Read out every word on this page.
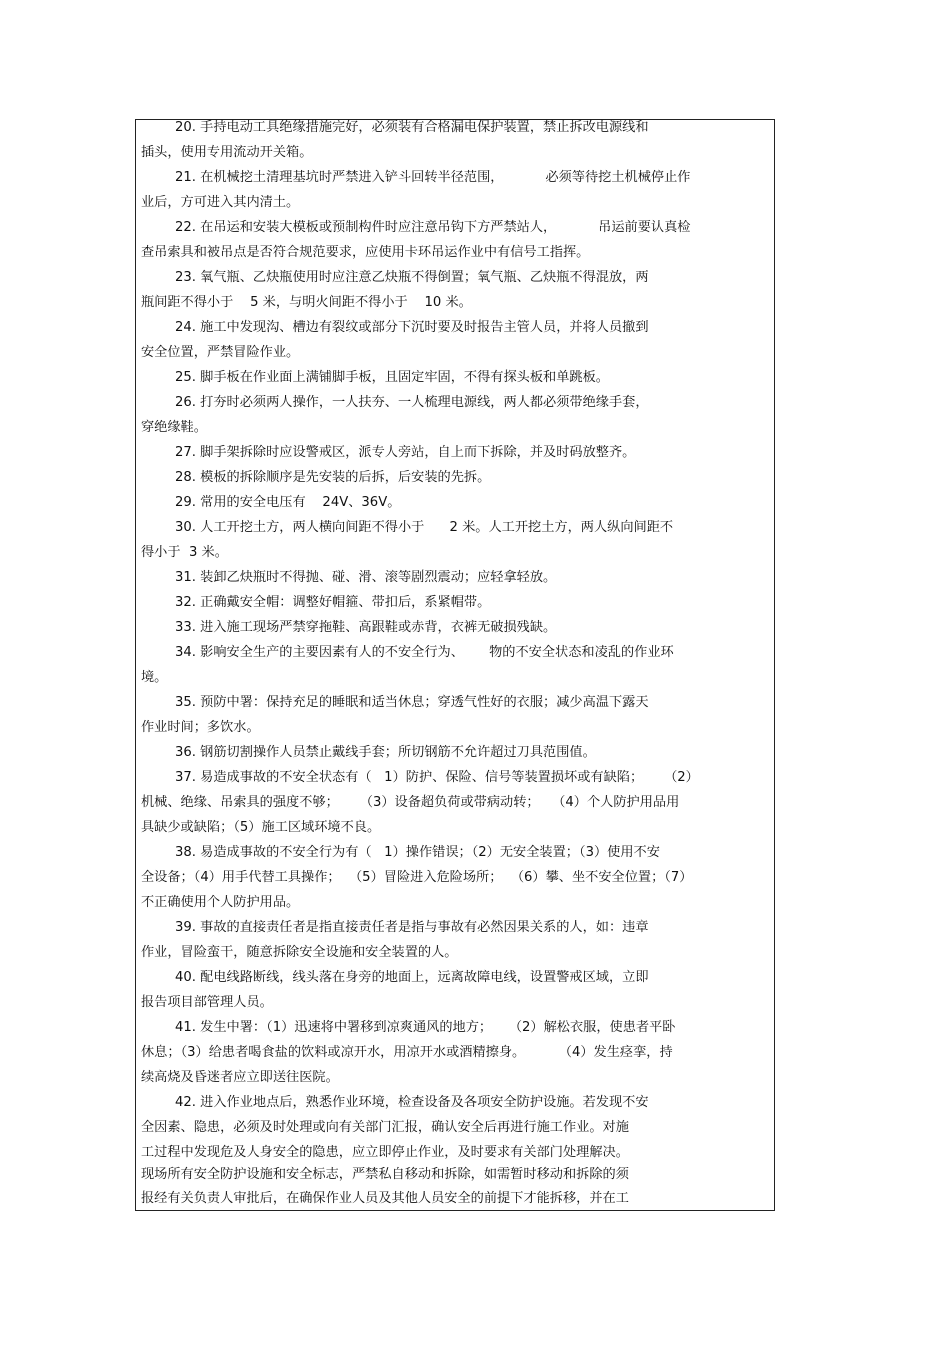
20. 手持电动工具绝缘措施完好，必须装有合格漏电保护装置，禁止拆改电源线和
插头，使用专用流动开关箱。
21. 在机械挖土清理基坑时严禁进入铲斗回转半径范围，          必须等待挖土机械停止作
业后，方可进入其内清土。
22. 在吊运和安装大模板或预制构件时应注意吊钩下方严禁站人，          吊运前要认真检
查吊索具和被吊点是否符合规范要求，应使用卡环吊运作业中有信号工指挥。
23. 氧气瓶、乙炔瓶使用时应注意乙炔瓶不得倒置；氧气瓶、乙炔瓶不得混放，两
瓶间距不得小于    5 米，与明火间距不得小于    10 米。
24. 施工中发现沟、槽边有裂纹或部分下沉时要及时报告主管人员，并将人员撤到
安全位置，严禁冒险作业。
25. 脚手板在作业面上满铺脚手板，且固定牢固，不得有探头板和单跳板。
26. 打夯时必须两人操作，一人扶夯、一人梳理电源线，两人都必须带绝缘手套，
穿绝缘鞋。
27. 脚手架拆除时应设警戒区，派专人旁站，自上而下拆除，并及时码放整齐。
28. 模板的拆除顺序是先安装的后拆，后安装的先拆。
29. 常用的安全电压有    24V、36V。
30. 人工开挖土方，两人横向间距不得小于      2 米。人工开挖土方，两人纵向间距不
得小于  3 米。
31. 装卸乙炔瓶时不得抛、碰、滑、滚等剧烈震动；应轻拿轻放。
32. 正确戴安全帽：调整好帽箍、带扣后，系紧帽带。
33. 进入施工现场严禁穿拖鞋、高跟鞋或赤背，衣裤无破损残缺。
34. 影响安全生产的主要因素有人的不安全行为、      物的不安全状态和凌乱的作业环
境。
35. 预防中署：保持充足的睡眠和适当休息；穿透气性好的衣服；减少高温下露天
作业时间；多饮水。
36. 钢筋切割操作人员禁止戴线手套；所切钢筋不允许超过刀具范围值。
37. 易造成事故的不安全状态有（   1）防护、保险、信号等装置损坏或有缺陷；     （2）
机械、绝缘、吊索具的强度不够；     （3）设备超负荷或带病动转；   （4）个人防护用品用
具缺少或缺陷；（5）施工区域环境不良。
38. 易造成事故的不安全行为有（   1）操作错误；（2）无安全装置；（3）使用不安
全设备；（4）用手代替工具操作；  （5）冒险进入危险场所；  （6）攀、坐不安全位置；（7）
不正确使用个人防护用品。
39. 事故的直接责任者是指直接责任者是指与事故有必然因果关系的人，如：违章
作业，冒险蛮干，随意拆除安全设施和安全装置的人。
40. 配电线路断线，线头落在身旁的地面上，远离故障电线，设置警戒区域，立即
报告项目部管理人员。
41. 发生中署：（1）迅速将中署移到凉爽通风的地方；    （2）解松衣服，使患者平卧
休息；（3）给患者喝食盐的饮料或凉开水，用凉开水或酒精擦身。        （4）发生痉挛，持
续高烧及昏迷者应立即送往医院。
42. 进入作业地点后，熟悉作业环境，检查设备及各项安全防护设施。若发现不安
全因素、隐患，必须及时处理或向有关部门汇报，确认安全后再进行施工作业。对施
工过程中发现危及人身安全的隐患，应立即停止作业，及时要求有关部门处理解决。
现场所有安全防护设施和安全标志，严禁私自移动和拆除，如需暂时移动和拆除的须
报经有关负责人审批后，在确保作业人员及其他人员安全的前提下才能拆移，并在工
